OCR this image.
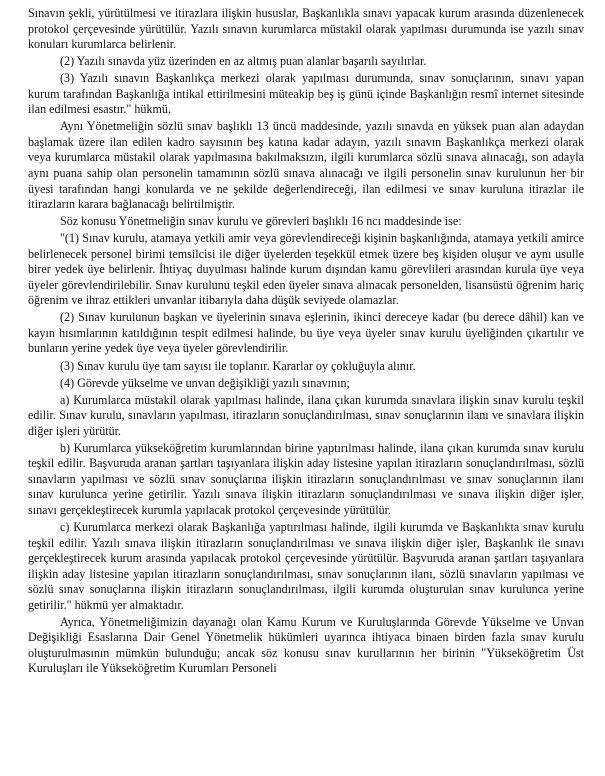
Sınavın şekli, yürütülmesi ve itirazlara ilişkin hususlar, Başkanlıkla sınavı yapacak kurum arasında düzenlenecek protokol çerçevesinde yürütülür. Yazılı sınavın kurumlarca müstakil olarak yapılması durumunda ise yazılı sınav konuları kurumlarca belirlenir.

(2) Yazılı sınavda yüz üzerinden en az altmış puan alanlar başarılı sayılırlar.

(3) Yazılı sınavın Başkanlıkça merkezi olarak yapılması durumunda, sınav sonuçlarının, sınavı yapan kurum tarafından Başkanlığa intikal ettirilmesini müteakip beş iş günü içinde Başkanlığın resmî internet sitesinde ilan edilmesi esastır." hükmü,

Aynı Yönetmeliğin sözlü sınav başlıklı 13 üncü maddesinde, yazılı sınavda en yüksek puan alan adaydan başlamak üzere ilan edilen kadro sayısının beş katına kadar adayın, yazılı sınavın Başkanlıkça merkezi olarak veya kurumlarca müstakil olarak yapılmasına bakılmaksızın, ilgili kurumlarca sözlü sınava alınacağı, son adayla aynı puana sahip olan personelin tamamının sözlü sınava alınacağı ve ilgili personelin sınav kurulunun her bir üyesi tarafından hangi konularda ve ne şekilde değerlendireceği, ilan edilmesi ve sınav kuruluna itirazlar ile itirazların karara bağlanacağı belirtilmiştir.

Söz konusu Yönetmeliğin sınav kurulu ve görevleri başlıklı 16 ncı maddesinde ise:

"(1) Sınav kurulu, atamaya yetkili amir veya görevlendireceği kişinin başkanlığında, atamaya yetkili amirce belirlenecek personel birimi temsilcisi ile diğer üyelerden teşekkül etmek üzere beş kişiden oluşur ve aynı usulle birer yedek üye belirlenir. İhtiyaç duyulması halinde kurum dışından kamu görevlileri arasından kurula üye veya üyeler görevlendirilebilir. Sınav kurulunu teşkil eden üyeler sınava alınacak personelden, lisansüstü öğrenim hariç öğrenim ve ihraz ettikleri unvanlar itibarıyla daha düşük seviyede olamazlar.

(2) Sınav kurulunun başkan ve üyelerinin sınava eşlerinin, ikinci dereceye kadar (bu derece dâhil) kan ve kayın hısımlarının katıldığının tespit edilmesi halinde, bu üye veya üyeler sınav kurulu üyeliğinden çıkartılır ve bunların yerine yedek üye veya üyeler görevlendirilir.

(3) Sınav kurulu üye tam sayısı ile toplanır. Kararlar oy çokluğuyla alınır.

(4) Görevde yükselme ve unvan değişikliği yazılı sınavının;

a) Kurumlarca müstakil olarak yapılması halinde, ilana çıkan kurumda sınavlara ilişkin sınav kurulu teşkil edilir. Sınav kurulu, sınavların yapılması, itirazların sonuçlandırılması, sınav sonuçlarının ilanı ve sınavlara ilişkin diğer işleri yürütür.

b) Kurumlarca yükseköğretim kurumlarından birine yaptırılması halinde, ilana çıkan kurumda sınav kurulu teşkil edilir. Başvuruda aranan şartları taşıyanlara ilişkin aday listesine yapılan itirazların sonuçlandırılması, sözlü sınavların yapılması ve sözlü sınav sonuçlarına ilişkin itirazların sonuçlandırılması ve sınav sonuçlarının ilanı sınav kurulunca yerine getirilir. Yazılı sınava ilişkin itirazların sonuçlandırılması ve sınava ilişkin diğer işler, sınavı gerçekleştirecek kurumla yapılacak protokol çerçevesinde yürütülür.

c) Kurumlarca merkezi olarak Başkanlığa yaptırılması halinde, ilgili kurumda ve Başkanlıkta sınav kurulu teşkil edilir. Yazılı sınava ilişkin itirazların sonuçlandırılması ve sınava ilişkin diğer işler, Başkanlık ile sınavı gerçekleştirecek kurum arasında yapılacak protokol çerçevesinde yürütülür. Başvuruda aranan şartları taşıyanlara ilişkin aday listesine yapılan itirazların sonuçlandırılması, sınav sonuçlarının ilanı, sözlü sınavların yapılması ve sözlü sınav sonuçlarına ilişkin itirazların sonuçlandırılması, ilgili kurumda oluşturulan sınav kurulunca yerine getirilir." hükmü yer almaktadır.

Ayrıca, Yönetmeliğimizin dayanağı olan Kamu Kurum ve Kuruluşlarında Görevde Yükselme ve Unvan Değişikliği Esaslarına Dair Genel Yönetmelik hükümleri uyarınca ihtiyaca binaen birden fazla sınav kurulu oluşturulmasının mümkün bulunduğu; ancak söz konusu sınav kurullarının her birinin "Yükseköğretim Üst Kuruluşları ile Yükseköğretim Kurumları Personeli
